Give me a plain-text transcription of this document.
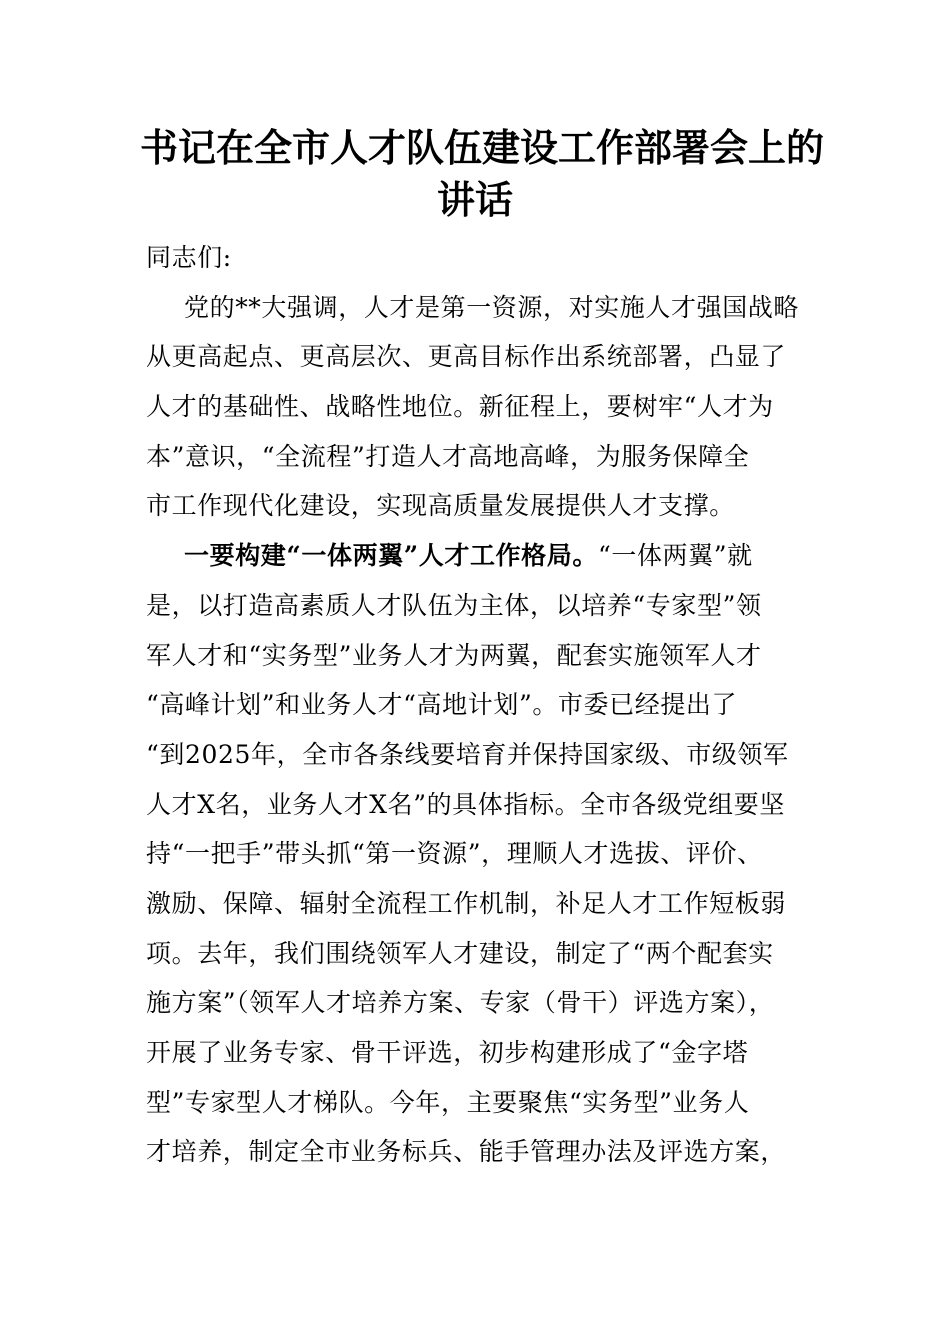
书记在全市人才队伍建设工作部署会上的
讲话
同志们:
党的**大强调，人才是第一资源，对实施人才强国战略
从更高起点、更高层次、更高目标作出系统部署，凸显了
人才的基础性、战略性地位。新征程上，要树牢“人才为
本”意识，“全流程”打造人才高地高峰，为服务保障全
市工作现代化建设，实现高质量发展提供人才支撑。
一要构建“一体两翼”人才工作格局。“一体两翼”就
是，以打造高素质人才队伍为主体，以培养“专家型”领
军人才和“实务型”业务人才为两翼，配套实施领军人才
“高峰计划”和业务人才“高地计划”。市委已经提出了
“到2025年，全市各条线要培育并保持国家级、市级领军
人才X名，业务人才X名”的具体指标。全市各级党组要坚
持“一把手”带头抓“第一资源”，理顺人才选拔、评价、
激励、保障、辐射全流程工作机制，补足人才工作短板弱
项。去年，我们围绕领军人才建设，制定了“两个配套实
施方案”（领军人才培养方案、专家（骨干）评选方案），
开展了业务专家、骨干评选，初步构建形成了“金字塔
型”专家型人才梯队。今年，主要聚焦“实务型”业务人
才培养，制定全市业务标兵、能手管理办法及评选方案，
